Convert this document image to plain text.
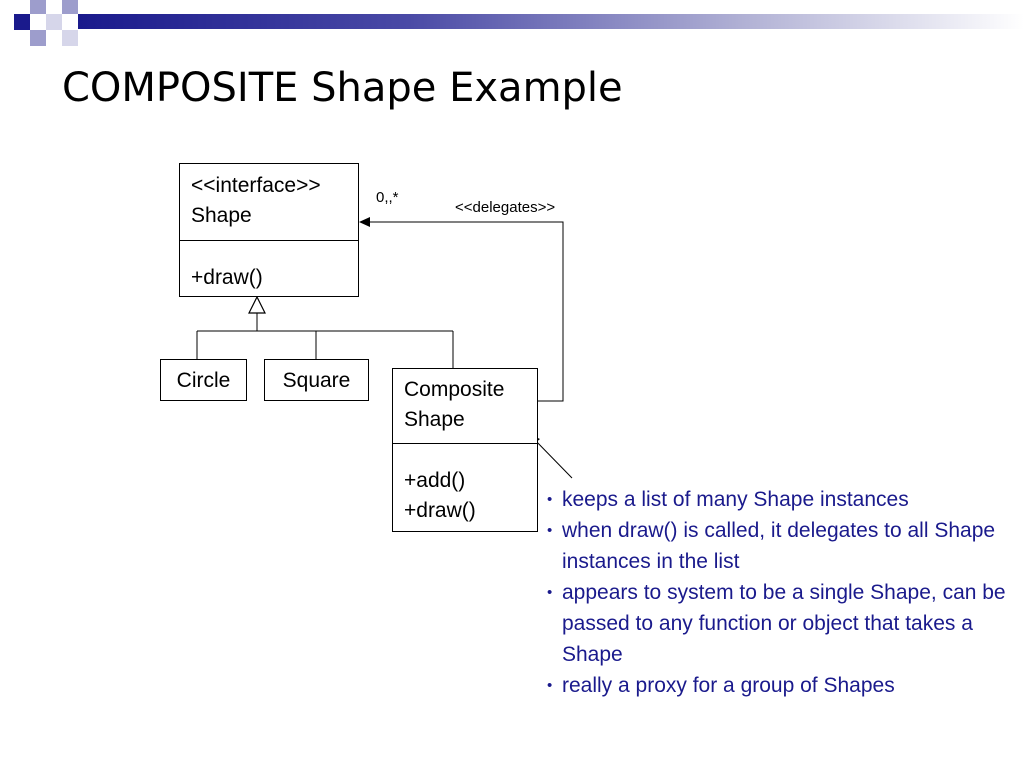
COMPOSITE Shape Example
<<interface>>
Shape
+draw()
0,,*
<<delegates>>
Circle	Square	Composite
Shape
+add()
+draw()	• keeps a list of many Shape instances
• when draw() is called, it delegates to all Shape instances in the list
• appears to system to be a single Shape, can be passed to any function or object that takes a Shape
• really a proxy for a group of Shapes
